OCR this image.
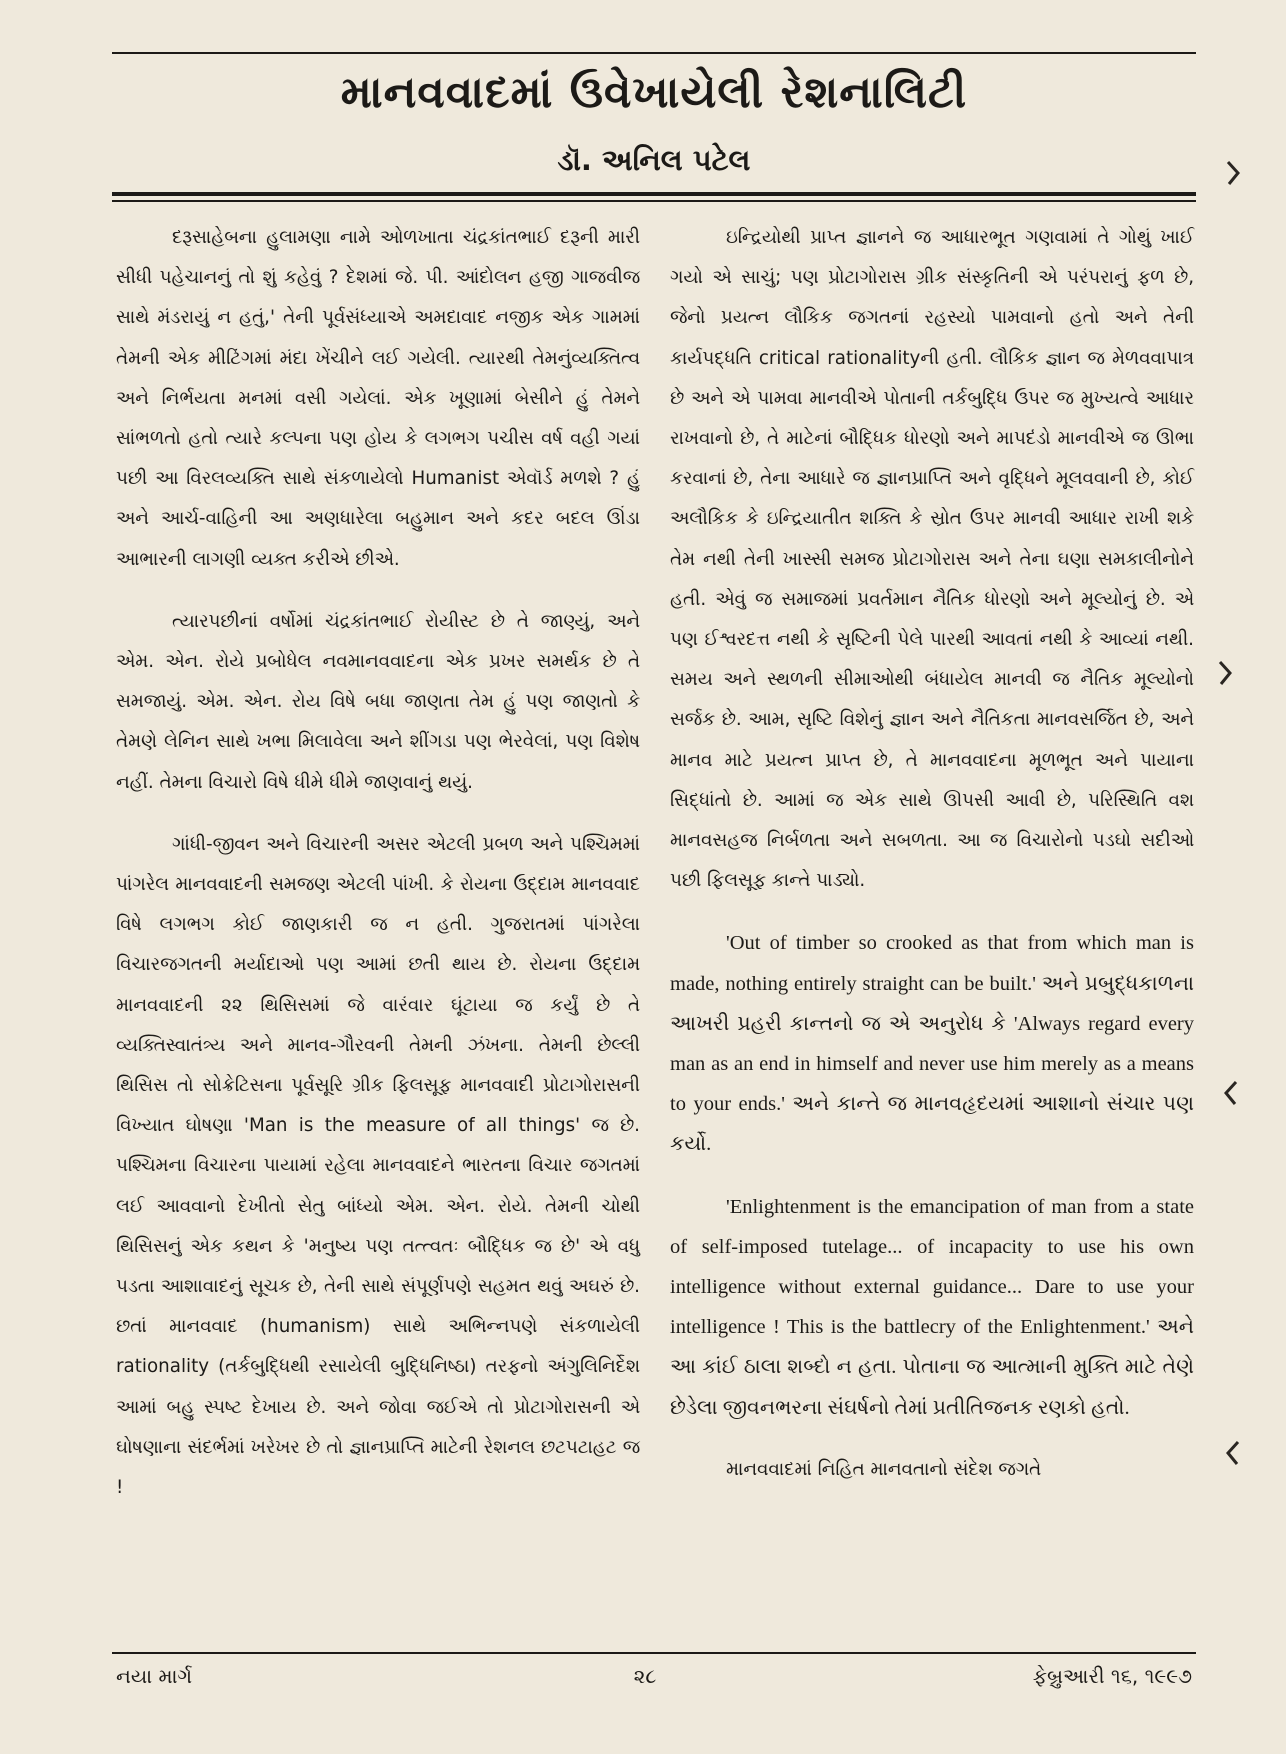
માનવવાદમાં ઉવેખાયેલી રેશનાલિટી
ડૉ. અનિલ પટેલ

દરૂસાહેબના હુલામણા નામે ઓળખાતા ચંદ્રકાંતભાઈ દરૂની મારી સીધી પહેચાનનું તો શું કહેવું ? દેશમાં જે. પી. આંદોલન હજી ગાજવીજ સાથે મંડરાયું ન હતું,' તેની પૂર્વસંધ્યાએ અમદાવાદ નજીક એક ગામમાં તેમની એક મીટિંગમાં મંદા ખેંચીને લઈ ગયેલી. ત્યારથી તેમનુંવ્યક્તિત્વ અને નિર્ભયતા મનમાં વસી ગયેલાં. એક ખૂણામાં બેસીને હું તેમને સાંભળતો હતો ત્યારે કલ્પના પણ હોય કે લગભગ પચીસ વર્ષ વહી ગયાં પછી આ વિરલવ્યક્તિ સાથે સંકળાયેલો Humanist એવૉર્ડ મળશે ? હું અને આર્ચ-વાહિની આ અણધારેલા બહુમાન અને કદર બદલ ઊંડા આભારની લાગણી વ્યક્ત કરીએ છીએ.

ત્યારપછીનાં વર્ષોમાં ચંદ્રકાંતભાઈ રોયીસ્ટ છે તે જાણ્યું, અને એમ. એન. રોયે પ્રબોધેલ નવમાનવવાદના એક પ્રખર સમર્થક છે તે સમજાયું. એમ. એન. રોય વિષે બધા જાણતા તેમ હું પણ જાણતો કે તેમણે લેનિન સાથે ખભા મિલાવેલા અને શીંગડા પણ ભેરવેલાં, પણ વિશેષ નહીં. તેમના વિચારો વિષે ધીમે ધીમે જાણવાનું થયું.

ગાંધી-જીવન અને વિચારની અસર એટલી પ્રબળ અને પશ્ચિમમાં પાંગરેલ માનવવાદની સમજણ એટલી પાંખી. કે રોયના ઉદ્દામ માનવવાદ વિષે લગભગ કોઈ જાણકારી જ ન હતી. ગુજરાતમાં પાંગરેલા વિચારજગતની મર્યાદાઓ પણ આમાં છતી થાય છે. રોયના ઉદ્દામ માનવવાદની ૨૨ થિસિસમાં જે વારંવાર ઘૂંટાયા જ કર્યું છે તે વ્યક્તિસ્વાતંત્ર્ય અને માનવ-ગૌરવની તેમની ઝંખના. તેમની છેલ્લી થિસિસ તો સોક્રેટિસના પૂર્વસૂરિ ગ્રીક ફિલસૂફ માનવવાદી પ્રોટાગોરાસની વિખ્યાત ઘોષણા 'Man is the measure of all things' જ છે. પશ્ચિમના વિચારના પાયામાં રહેલા માનવવાદને ભારતના વિચાર જગતમાં લઈ આવવાનો દેખીતો સેતુ બાંધ્યો એમ. એન. રોયે. તેમની ચોથી થિસિસનું એક કથન કે 'મનુષ્ય પણ તત્ત્વતઃ બૌદ્ધિક જ છે' એ વધુ પડતા આશાવાદનું સૂચક છે, તેની સાથે સંપૂર્ણપણે સહમત થવું અઘરું છે. છતાં માનવવાદ (humanism) સાથે અભિન્નપણે સંકળાયેલી rationality (તર્કબુદ્ધિથી રસાયેલી બુદ્ધિનિષ્ઠા) તરફનો અંગુલિનિર્દેશ આમાં બહુ સ્પષ્ટ દેખાય છે. અને જોવા જઈએ તો પ્રોટાગોરાસની એ ઘોષણાના સંદર્ભમાં ખરેખર છે તો જ્ઞાનપ્રાપ્તિ માટેની રેશનલ છટપટાહટ જ !

ઇન્દ્રિયોથી પ્રાપ્ત જ્ઞાનને જ આધારભૂત ગણવામાં તે ગોથું ખાઈ ગયો એ સાચું; પણ પ્રોટાગોરાસ ગ્રીક સંસ્કૃતિની એ પરંપરાનું ફળ છે, જેનો પ્રયત્ન લૌકિક જગતનાં રહસ્યો પામવાનો હતો અને તેની કાર્યપદ્ધતિ critical rationalityની હતી. લૌકિક જ્ઞાન જ મેળવવાપાત્ર છે અને એ પામવા માનવીએ પોતાની તર્કબુદ્ધિ ઉપર જ મુખ્યત્વે આધાર રાખવાનો છે, તે માટેનાં બૌદ્ધિક ધોરણો અને માપદંડો માનવીએ જ ઊભા કરવાનાં છે, તેના આધારે જ જ્ઞાનપ્રાપ્તિ અને વૃદ્ધિને મૂલવવાની છે, કોઈ અલૌકિક કે ઇન્દ્રિયાતીત શક્તિ કે સ્રોત ઉપર માનવી આધાર રાખી શકે તેમ નથી તેની ખાસ્સી સમજ પ્રોટાગોરાસ અને તેના ઘણા સમકાલીનોને હતી. એવું જ સમાજમાં પ્રવર્તમાન નૈતિક ધોરણો અને મૂલ્યોનું છે. એ પણ ઈશ્વરદત્ત નથી કે સૃષ્ટિની પેલે પારથી આવતાં નથી કે આવ્યાં નથી. સમય અને સ્થળની સીમાઓથી બંધાયેલ માનવી જ નૈતિક મૂલ્યોનો સર્જક છે. આમ, સૃષ્ટિ વિશેનું જ્ઞાન અને નૈતિકતા માનવસર્જિત છે, અને માનવ માટે પ્રયત્ન પ્રાપ્ત છે, તે માનવવાદના મૂળભૂત અને પાયાના સિદ્ધાંતો છે. આમાં જ એક સાથે ઊપસી આવી છે, પરિસ્થિતિ વશ માનવસહજ નિર્બળતા અને સબળતા. આ જ વિચારોનો પડઘો સદીઓ પછી ફિલસૂફ કાન્તે પાડ્યો.

'Out of timber so crooked as that from which man is made, nothing entirely straight can be built.' અને પ્રબુદ્ધકાળના આખરી પ્રહરી કાન્તનો જ એ અનુરોધ કે 'Always regard every man as an end in himself and never use him merely as a means to your ends.' અને કાન્તે જ માનવહૃદયમાં આશાનો સંચાર પણ કર્યો.

'Enlightenment is the emancipation of man from a state of self-imposed tutelage... of incapacity to use his own intelligence without external guidance... Dare to use your intelligence ! This is the battlecry of the Enlightenment.' અને આ કાંઈ ઠાલા શબ્દો ન હતા. પોતાના જ આત્માની મુક્તિ માટે તેણે છેડેલા જીવનભરના સંઘર્ષનો તેમાં પ્રતીતિજનક રણકો હતો.

માનવવાદમાં નિહિત માનવતાનો સંદેશ જગતે

નયા માર્ગ	૨૮	ફેબ્રુઆરી ૧૬, ૧૯૯૭
